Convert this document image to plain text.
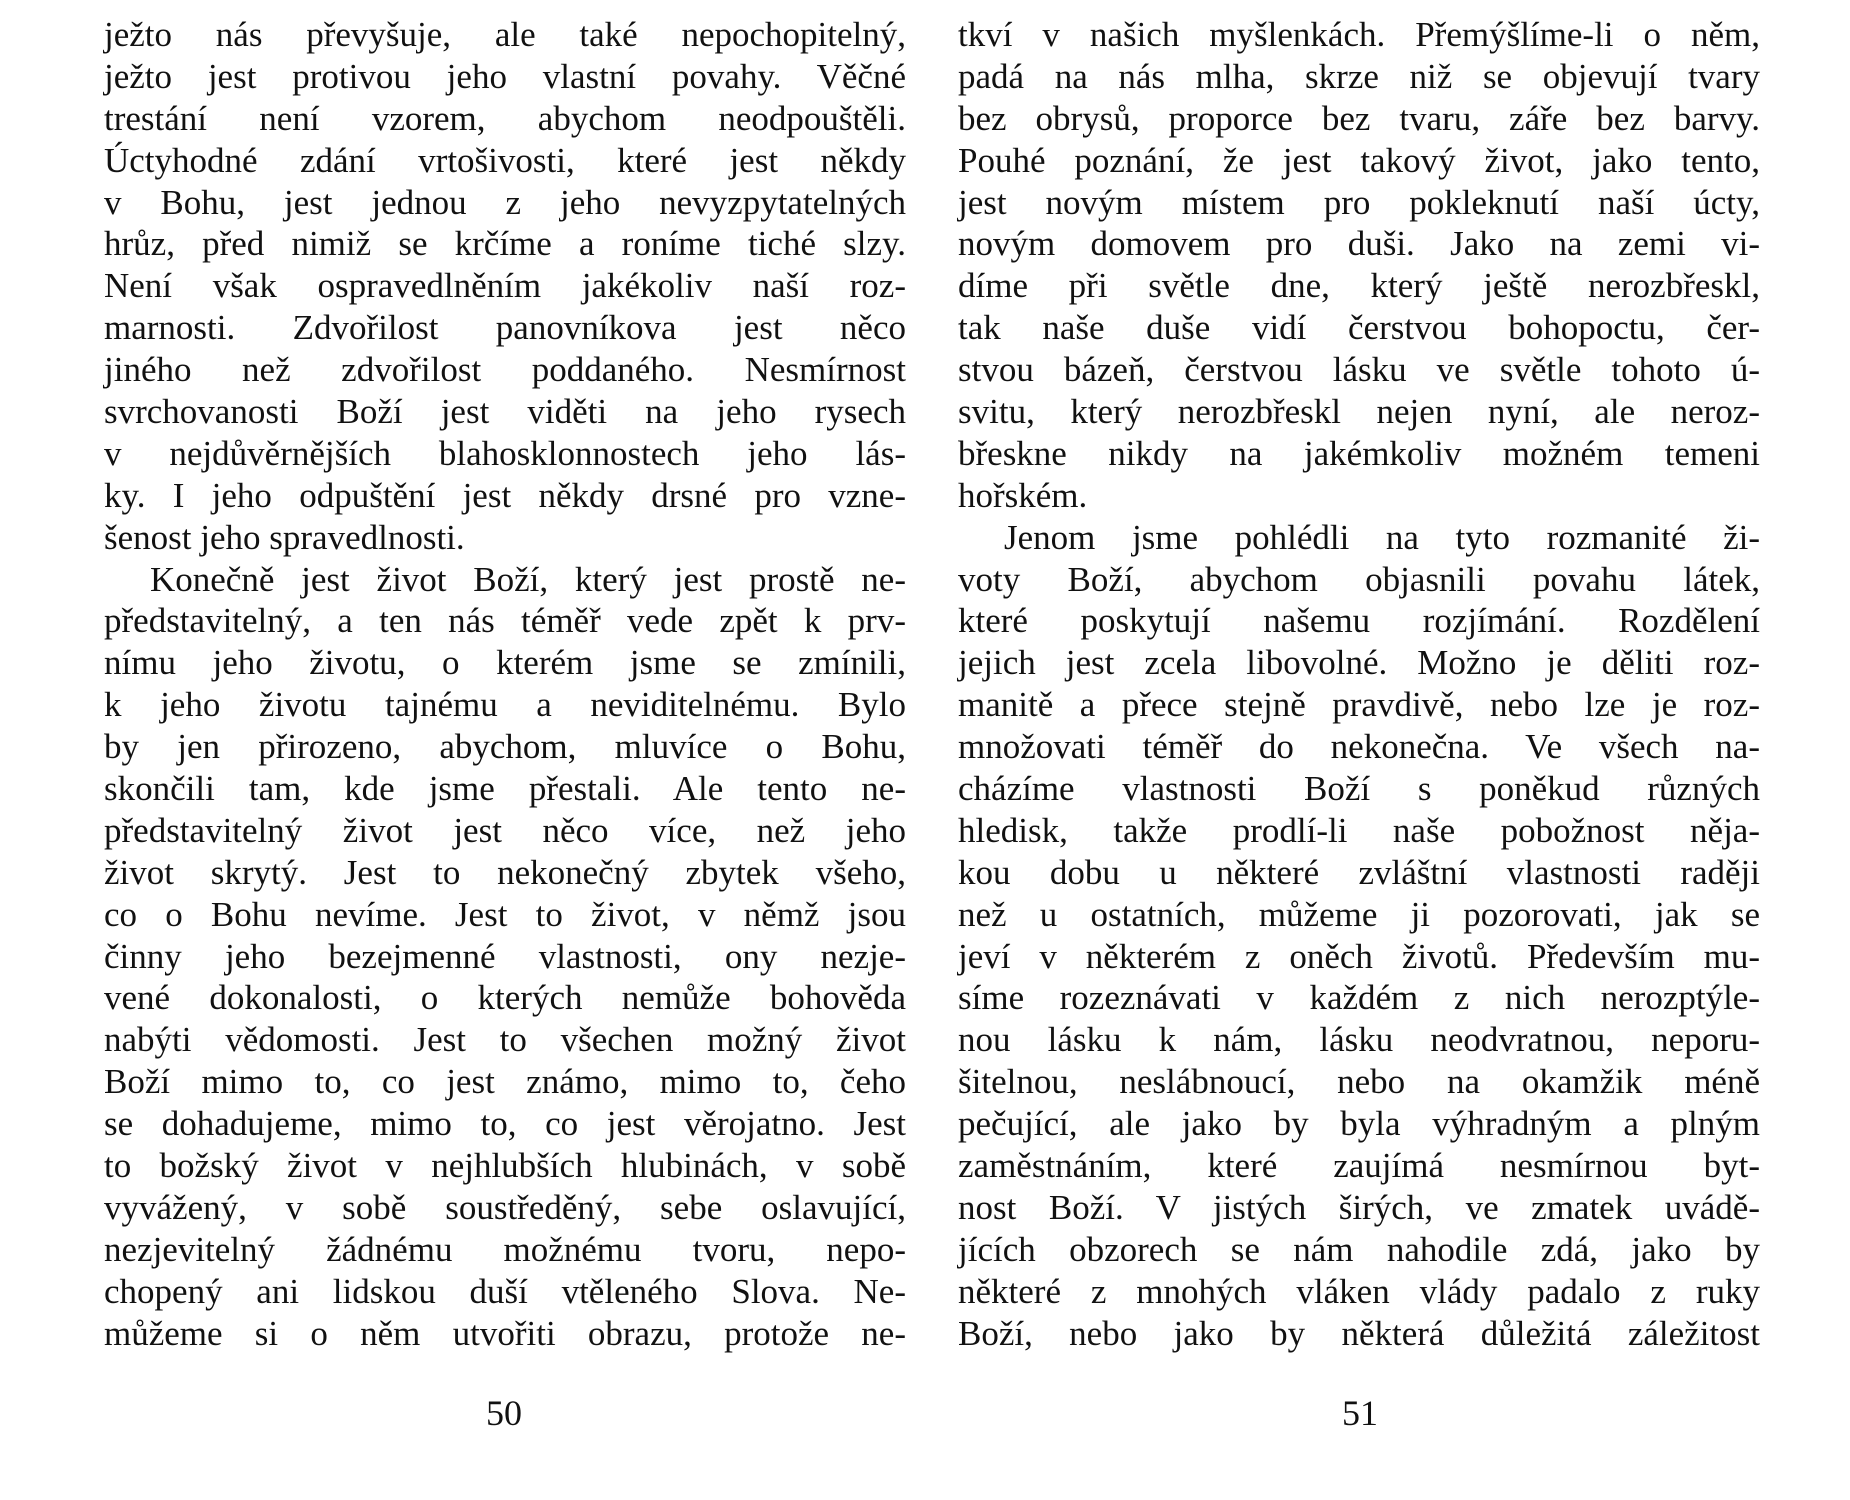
ježto nás převyšuje, ale také nepochopitelný,
ježto jest protivou jeho vlastní povahy. Věčné
trestání není vzorem, abychom neodpouštěli.
Úctyhodné zdání vrtošivosti, které jest někdy
v Bohu, jest jednou z jeho nevyzpytatelných
hrůz, před nimiž se krčíme a roníme tiché slzy.
Není však ospravedlněním jakékoliv naší roz-
marnosti. Zdvořilost panovníkova jest něco
jiného než zdvořilost poddaného. Nesmírnost
svrchovanosti Boží jest viděti na jeho rysech
v nejdůvěrnějších blahosklonnostech jeho lás-
ky. I jeho odpuštění jest někdy drsné pro vzne-
šenost jeho spravedlnosti.
Konečně jest život Boží, který jest prostě ne-
představitelný, a ten nás téměř vede zpět k prv-
nímu jeho životu, o kterém jsme se zmínili,
k jeho životu tajnému a neviditelnému. Bylo
by jen přirozeno, abychom, mluvíce o Bohu,
skončili tam, kde jsme přestali. Ale tento ne-
představitelný život jest něco více, než jeho
život skrytý. Jest to nekonečný zbytek všeho,
co o Bohu nevíme. Jest to život, v němž jsou
činny jeho bezejmenné vlastnosti, ony nezje-
vené dokonalosti, o kterých nemůže bohověda
nabýti vědomosti. Jest to všechen možný život
Boží mimo to, co jest známo, mimo to, čeho
se dohadujeme, mimo to, co jest věrojatno. Jest
to božský život v nejhlubších hlubinách, v sobě
vyvážený, v sobě soustředěný, sebe oslavující,
nezjevitelný žádnému možnému tvoru, nepo-
chopený ani lidskou duší vtěleného Slova. Ne-
můžeme si o něm utvořiti obrazu, protože ne-
tkví v našich myšlenkách. Přemýšlíme-li o něm,
padá na nás mlha, skrze niž se objevují tvary
bez obrysů, proporce bez tvaru, záře bez barvy.
Pouhé poznání, že jest takový život, jako tento,
jest novým místem pro pokleknutí naší úcty,
novým domovem pro duši. Jako na zemi vi-
díme při světle dne, který ještě nerozbřeskl,
tak naše duše vidí čerstvou bohopoctu, čer-
stvou bázeň, čerstvou lásku ve světle tohoto ú-
svitu, který nerozbřeskl nejen nyní, ale neroz-
břeskne nikdy na jakémkoliv možném temeni
hořském.
Jenom jsme pohlédli na tyto rozmanité ži-
voty Boží, abychom objasnili povahu látek,
které poskytují našemu rozjímání. Rozdělení
jejich jest zcela libovolné. Možno je děliti roz-
manitě a přece stejně pravdivě, nebo lze je roz-
množovati téměř do nekonečna. Ve všech na-
cházíme vlastnosti Boží s poněkud různých
hledisk, takže prodlí-li naše pobožnost něja-
kou dobu u některé zvláštní vlastnosti raději
než u ostatních, můžeme ji pozorovati, jak se
jeví v některém z oněch životů. Především mu-
síme rozeznávati v každém z nich nerozptýle-
nou lásku k nám, lásku neodvratnou, neporu-
šitelnou, neslábnoucí, nebo na okamžik méně
pečující, ale jako by byla výhradným a plným
zaměstnáním, které zaujímá nesmírnou byt-
nost Boží. V jistých širých, ve zmatek uvádě-
jících obzorech se nám nahodile zdá, jako by
některé z mnohých vláken vlády padalo z ruky
Boží, nebo jako by některá důležitá záležitost
50	51
